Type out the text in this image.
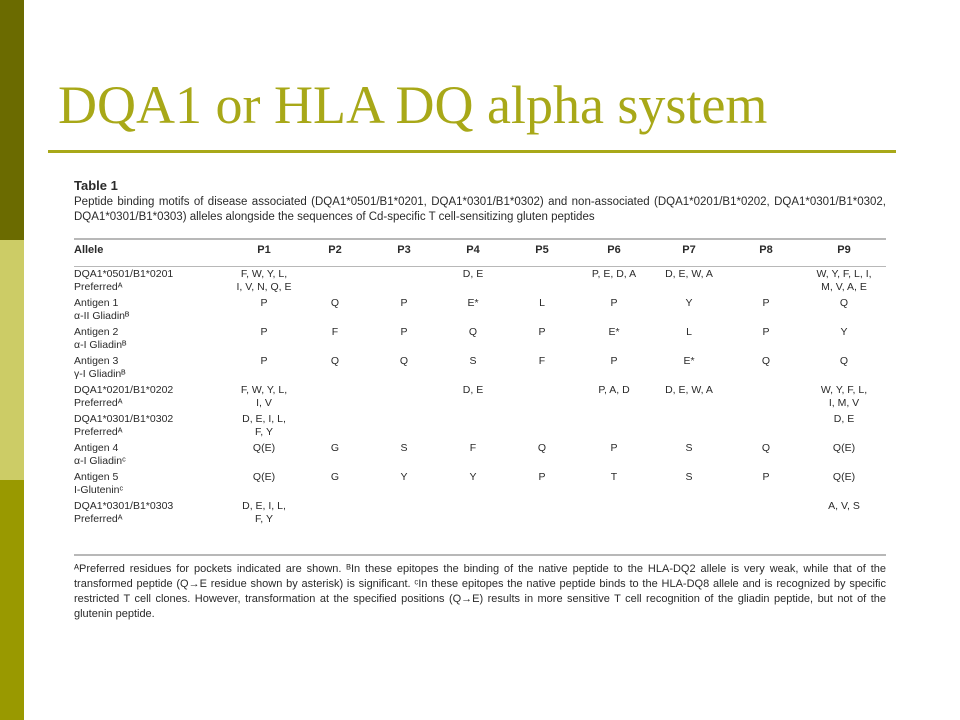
DQA1 or HLA DQ alpha system
Table 1

Peptide binding motifs of disease associated (DQA1*0501/B1*0201, DQA1*0301/B1*0302) and non-associated (DQA1*0201/B1*0202, DQA1*0301/B1*0302, DQA1*0301/B1*0303) alleles alongside the sequences of Cd-specific T cell-sensitizing gluten peptides

Allele	P1	P2	P3	P4	P5	P6	P7	P8	P9

DQA1*0501/B1*0201
Preferredᴬ	F, W, Y, L,
I, V, N, Q, E			D, E		P, E, D, A	D, E, W, A		W, Y, F, L, I,
M, V, A, E

Antigen 1
α-II Gliadinᴮ	P	Q	P	E*	L	P	Y	P	Q

Antigen 2
α-I Gliadinᴮ	P	F	P	Q	P	E*	L	P	Y

Antigen 3
γ-I Gliadinᴮ	P	Q	Q	S	F	P	E*	Q	Q

DQA1*0201/B1*0202
Preferredᴬ	F, W, Y, L,
I, V			D, E		P, A, D	D, E, W, A		W, Y, F, L,
I, M, V

DQA1*0301/B1*0302
Preferredᴬ	D, E, I, L,
F, Y								D, E

Antigen 4
α-I Gliadinᶜ	Q(E)	G	S	F	Q	P	S	Q	Q(E)

Antigen 5
I-Gluteninᶜ	Q(E)	G	Y	Y	P	T	S	P	Q(E)

DQA1*0301/B1*0303
Preferredᴬ	D, E, I, L,
F, Y								A, V, S

ᴬPreferred residues for pockets indicated are shown. ᴮIn these epitopes the binding of the native peptide to the HLA-DQ2 allele is very weak, while that of the transformed peptide (Q→E residue shown by asterisk) is significant. ᶜIn these epitopes the native peptide binds to the HLA-DQ8 allele and is recognized by specific restricted T cell clones. However, transformation at the specified positions (Q→E) results in more sensitive T cell recognition of the gliadin peptide, but not of the glutenin peptide.
